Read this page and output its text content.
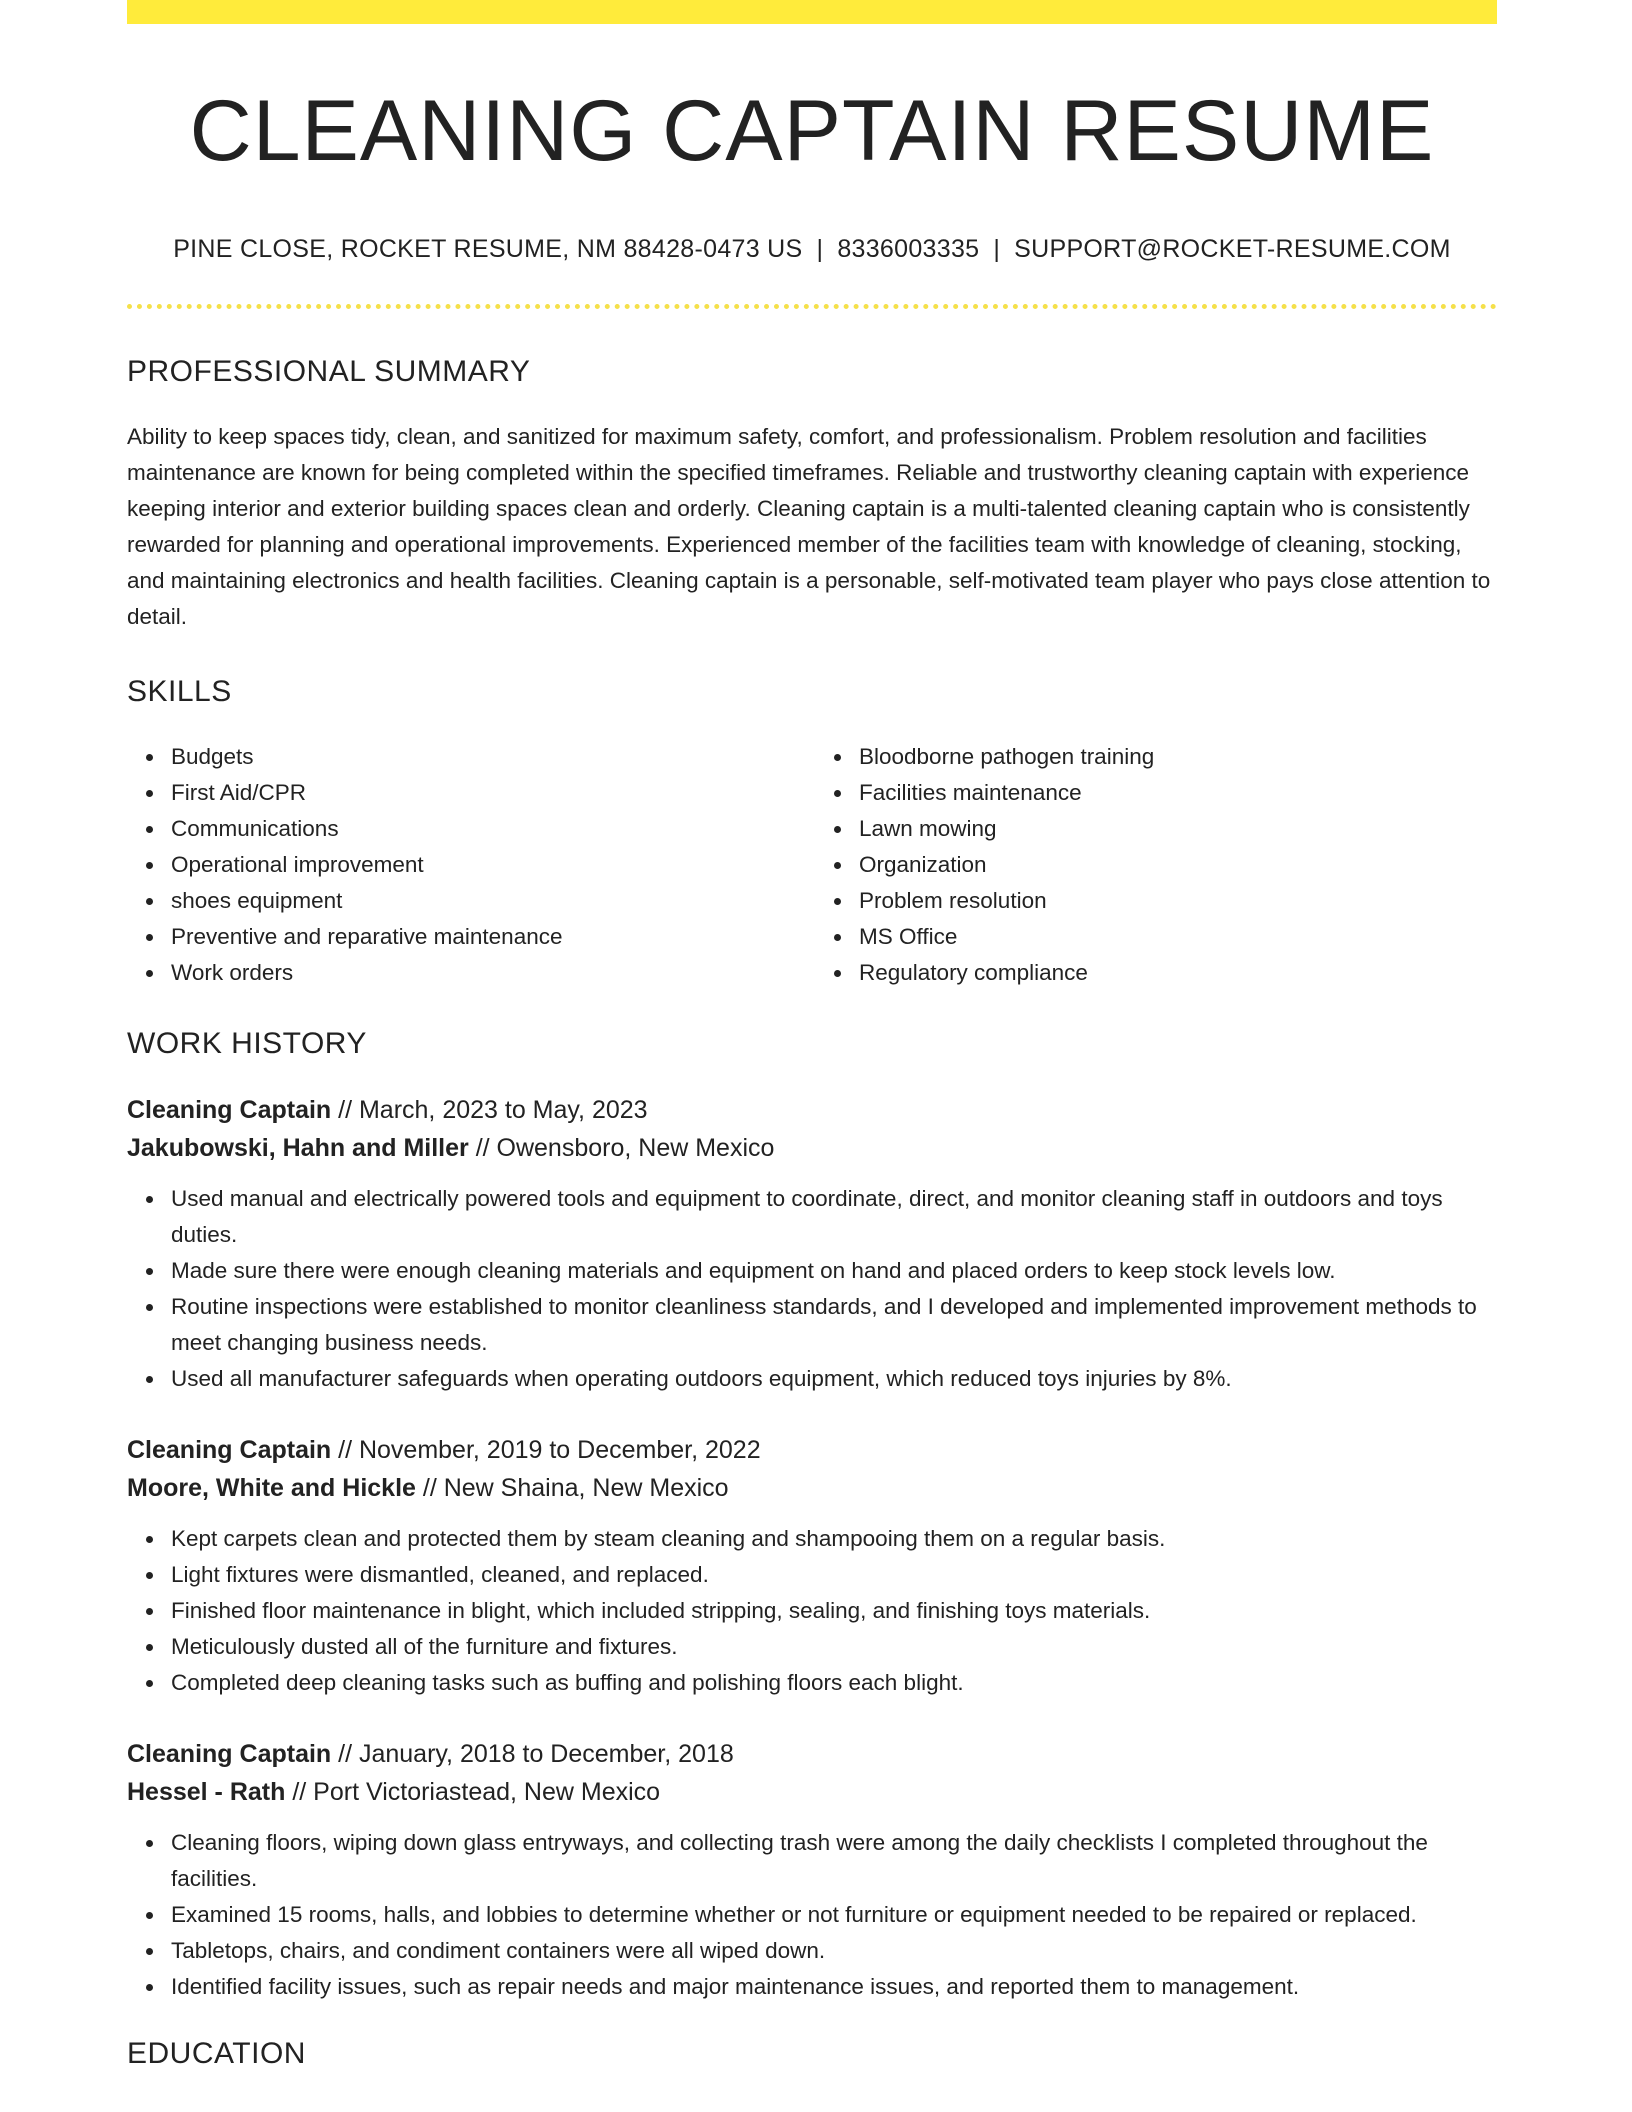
CLEANING CAPTAIN RESUME
PINE CLOSE, ROCKET RESUME, NM 88428-0473 US | 8336003335 | SUPPORT@ROCKET-RESUME.COM
PROFESSIONAL SUMMARY

Ability to keep spaces tidy, clean, and sanitized for maximum safety, comfort, and professionalism. Problem resolution and facilities maintenance are known for being completed within the specified timeframes. Reliable and trustworthy cleaning captain with experience keeping interior and exterior building spaces clean and orderly. Cleaning captain is a multi-talented cleaning captain who is consistently rewarded for planning and operational improvements. Experienced member of the facilities team with knowledge of cleaning, stocking, and maintaining electronics and health facilities. Cleaning captain is a personable, self-motivated team player who pays close attention to detail.

SKILLS
Budgets
First Aid/CPR
Communications
Operational improvement
shoes equipment
Preventive and reparative maintenance
Work orders
Bloodborne pathogen training
Facilities maintenance
Lawn mowing
Organization
Problem resolution
MS Office
Regulatory compliance
WORK HISTORY
Cleaning Captain // March, 2023 to May, 2023
Jakubowski, Hahn and Miller // Owensboro, New Mexico
Used manual and electrically powered tools and equipment to coordinate, direct, and monitor cleaning staff in outdoors and toys duties.
Made sure there were enough cleaning materials and equipment on hand and placed orders to keep stock levels low.
Routine inspections were established to monitor cleanliness standards, and I developed and implemented improvement methods to meet changing business needs.
Used all manufacturer safeguards when operating outdoors equipment, which reduced toys injuries by 8%.
Cleaning Captain // November, 2019 to December, 2022
Moore, White and Hickle // New Shaina, New Mexico
Kept carpets clean and protected them by steam cleaning and shampooing them on a regular basis.
Light fixtures were dismantled, cleaned, and replaced.
Finished floor maintenance in blight, which included stripping, sealing, and finishing toys materials.
Meticulously dusted all of the furniture and fixtures.
Completed deep cleaning tasks such as buffing and polishing floors each blight.
Cleaning Captain // January, 2018 to December, 2018
Hessel - Rath // Port Victoriastead, New Mexico
Cleaning floors, wiping down glass entryways, and collecting trash were among the daily checklists I completed throughout the facilities.
Examined 15 rooms, halls, and lobbies to determine whether or not furniture or equipment needed to be repaired or replaced.
Tabletops, chairs, and condiment containers were all wiped down.
Identified facility issues, such as repair needs and major maintenance issues, and reported them to management.
EDUCATION
